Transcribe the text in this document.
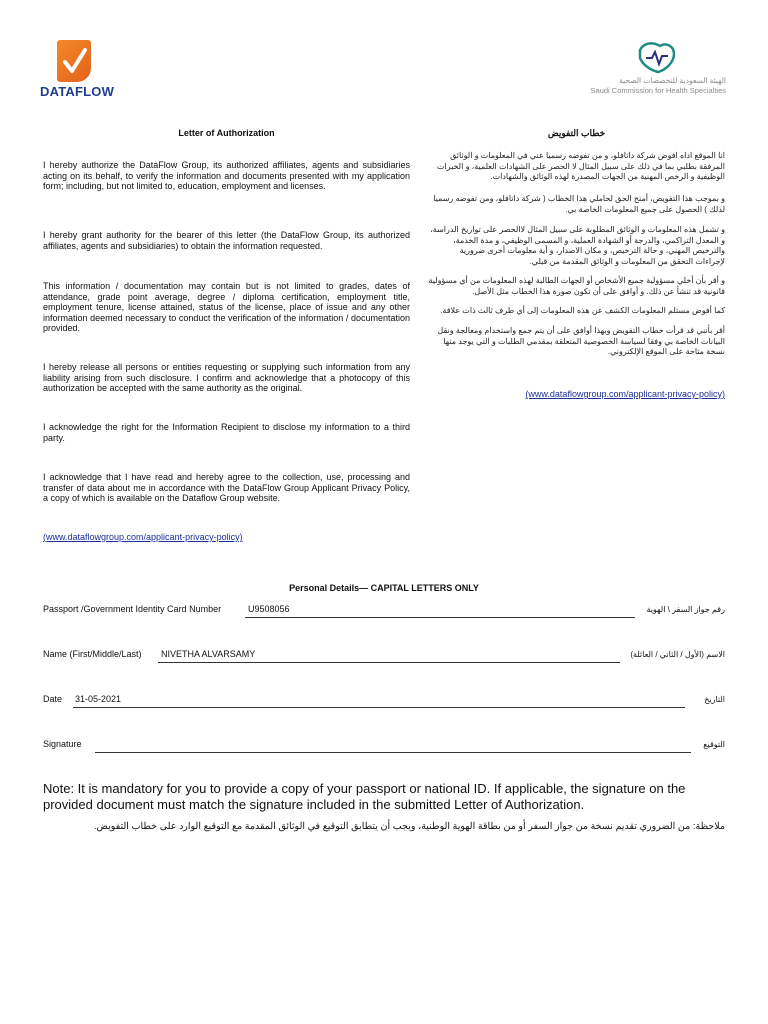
DATAFLOW
الهيئة السعودية للتخصصات الصحية
Saudi Commission for Health Specialties
Letter of Authorization

I hereby authorize the DataFlow Group, its authorized affiliates, agents and subsidiaries acting on its behalf, to verify the information and documents presented with my application form; including, but not limited to, education, employment and licenses.

I hereby grant authority for the bearer of this letter (the DataFlow Group, its authorized affiliates, agents and subsidiaries) to obtain the information requested.

This information / documentation may contain but is not limited to grades, dates of attendance, grade point average, degree / diploma certification, employment title, employment tenure, license attained, status of the license, place of issue and any other information deemed necessary to conduct the verification of the information / documentation provided.

I hereby release all persons or entities requesting or supplying such information from any liability arising from such disclosure. I confirm and acknowledge that a photocopy of this authorization be accepted with the same authority as the original.

I acknowledge the right for the Information Recipient to disclose my information to a third party.

I acknowledge that I have read and hereby agree to the collection, use, processing and transfer of data about me in accordance with the DataFlow Group Applicant Privacy Policy, a copy of which is available on the Dataflow Group website.

(www.dataflowgroup.com/applicant-privacy-policy)
خطاب التفويض

انا الموقع اداه افوض شركة داتافلو، و من تفوضه رسميا عني في المعلومات و الوثائق المرفقة بطلبي بما في ذلك على سبيل المثال لا الحصر على الشهادات العلمية، و الخبرات الوظيفية و الرخص المهنية من الجهات المصدرة لهذه الوثائق والشهادات.

و بموجب هذا التفويض، أمنح الحق لحاملي هذا الخطاب ( شركة داتافلو، ومن تفوضه رسميا لذلك ) الحصول على جميع المعلومات الخاصة بي.

و تشمل هذه المعلومات و الوثائق المطلوبة على سبيل المثال لاالحصر على تواريخ الدراسة، و المعدل التراكمي، والدرجة أو الشهادة العملية، و المسمى الوظيفي، و مدة الخدمة، والترخيص المهني، و حالة الترخيص، و مكان الاصدار، و أية معلومات أخرى ضرورية لإجراءات التحقق من المعلومات و الوثائق المقدمة من قبلي.

و أقر بأن أخلي مسؤولية جميع الأشخاص أو الجهات الطالبة لهذه المعلومات من أي مسؤولية قانونية قد تنشأ عن ذلك. و أوافق على أن تكون صورة هذا الخطاب مثل الأصل.

كما أفوض مستلم المعلومات الكشف عن هذه المعلومات إلى أي طرف ثالث ذات علاقة.

أقر بأنني قد قرأت خطاب التفويض وبهذا أوافق على أن يتم جمع واستخدام ومعالجة ونقل البيانات الخاصة بي وفقا لسياسة الخصوصية المتعلقة بمقدمي الطلبات و التي يوجد منها نسخة متاحة على الموقع الإلكتروني.

(www.dataflowgroup.com/applicant-privacy-policy)
Personal Details— CAPITAL LETTERS ONLY
Passport /Government Identity Card Number	U9508056	رقم جواز السفر \ الهوية
Name (First/Middle/Last) NIVETHA ALVARSAMY	الاسم (الأول / الثاني / العائلة)
Date 31-05-2021	التاريخ
Signature	التوقيع
Note: It is mandatory for you to provide a copy of your passport or national ID. If applicable, the signature on the provided document must match the signature included in the submitted Letter of Authorization.
ملاحظة: من الضروري تقديم نسخة من جواز السفر أو من بطاقة الهوية الوطنية، ويجب أن يتطابق التوقيع في الوثائق المقدمة مع التوقيع الوارد على خطاب التفويض.
